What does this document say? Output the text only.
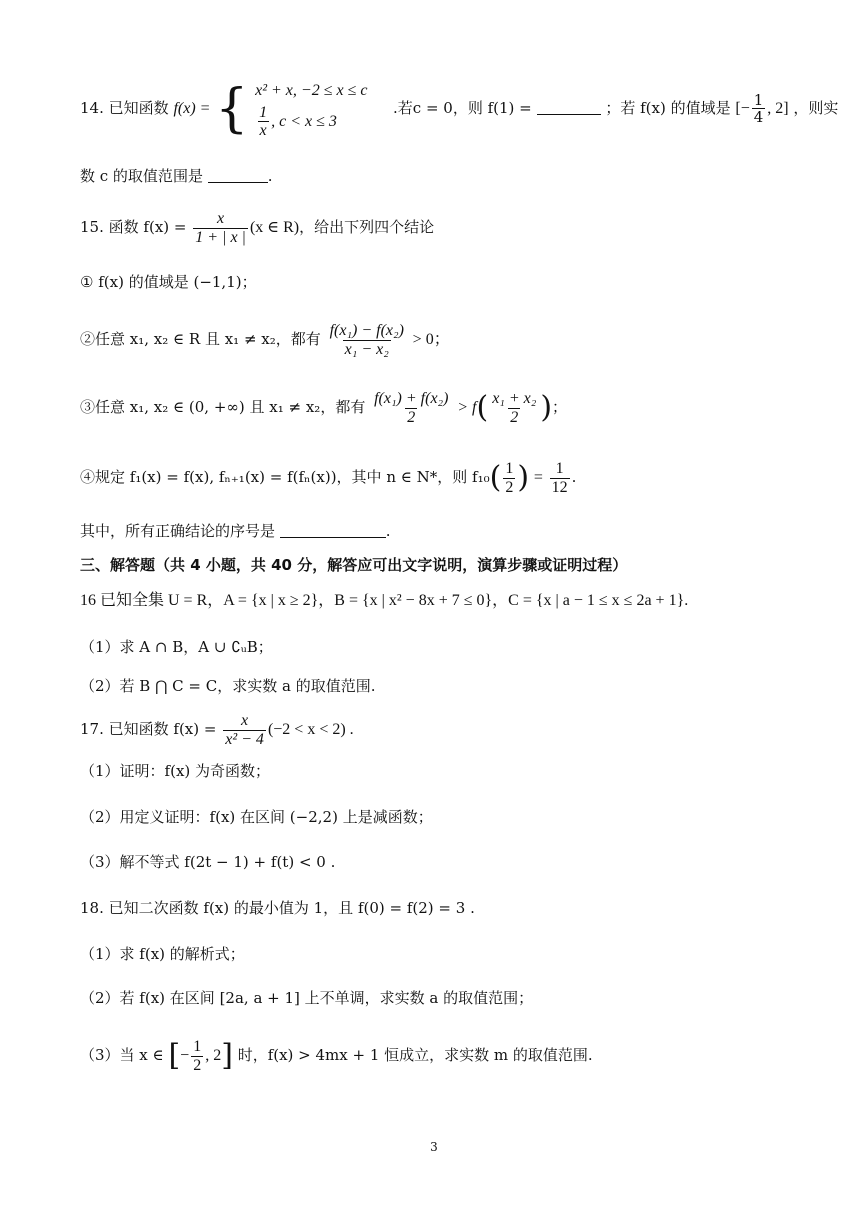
14. 已知函数 f(x) = { x² + x, −2 ≤ x ≤ c
$\frac{1}{x}$ , c < x ≤ 3
.若c = 0，则 f(1) =	；若 f(x) 的值域是 [− $\frac{1}{4}$ , 2] ，则实
数 c 的取值范围是	.
15. 函数 $f(x) = \frac{x}{1 + | x |} (x$ ∈ R)，给出下列四个结论
① f(x) 的值域是 (−1,1)；
②任意 x₁, x₂ ∈ R 且 x₁ ≠ x₂，都有 $\frac{\text{f(x₁) − f(x₂)}}{\text{x₁ − x₂}} > 0$；
③任意 x₁, x₂ ∈ (0, +∞) 且 x₁ ≠ x₂，都有 $\frac{\text{f(x₁) + f(x₂)}}{2} > f( \frac{\text{x₁ + x₂}}{2}$ )；
④规定 f₁(x) = f(x), fₙ₊₁(x) = f(fₙ(x))，其中 n ∈ N*，则 $f_{10}( \frac{1}{2}$ ) = $\frac{1}{12}$ .
其中，所有正确结论的序号是	.
三、解答题（共 4 小题，共 40 分，解答应可出文字说明，演算步骤或证明过程）
16 已知全集 U = R，A = {x | x ≥ 2}，B = {x | x² − 8x + 7 ≤ 0}，C = {x | a − 1 ≤ x ≤ 2a + 1}.
（1）求 A ∩ B，A ∪ ∁ᵤB；
（2）若 B ⋂ C = C，求实数 a 的取值范围.
17. 已知函数 $f(x) = \frac{x}{\text{x² − 4}} (-2 < x < 2)$ .
（1）证明：f(x) 为奇函数；
（2）用定义证明：f(x) 在区间 (−2,2) 上是减函数；
（3）解不等式 f(2t − 1) + f(t) < 0 .
18. 已知二次函数 f(x) 的最小值为 1，且 f(0) = f(2) = 3 .
（1）求 f(x) 的解析式；
（2）若 f(x) 在区间 [2a, a + 1] 上不单调，求实数 a 的取值范围；
（3）当 x ∈ [− $\frac{1}{2}$ , 2] 时，f(x) > 4mx + 1 恒成立，求实数 m 的取值范围.
3
